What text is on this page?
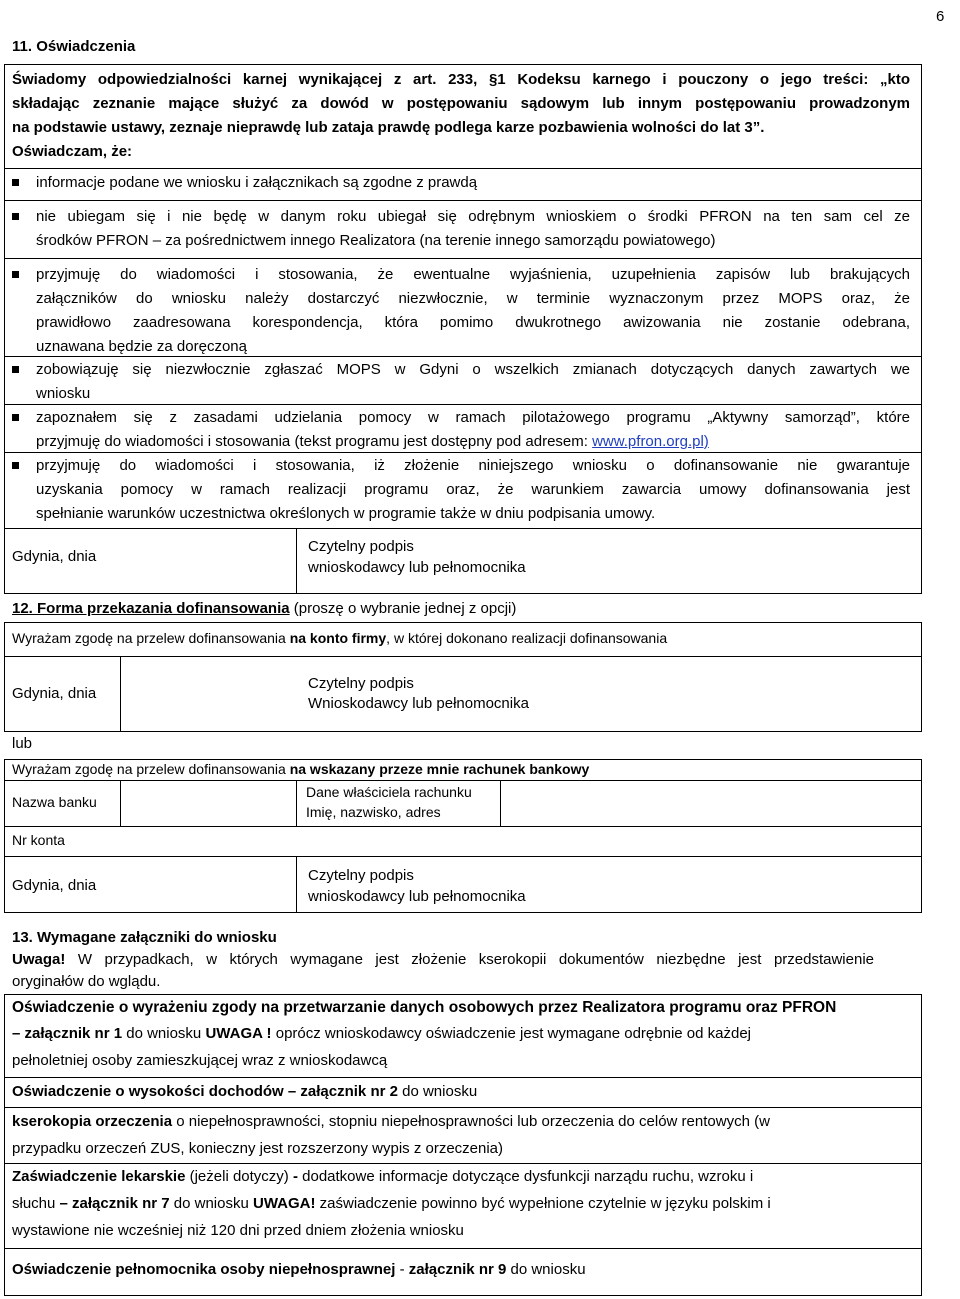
6
11. Oświadczenia
Świadomy odpowiedzialności karnej wynikającej z art. 233, §1 Kodeksu karnego i pouczony o jego treści: „kto
składając zeznanie mające służyć za dowód w postępowaniu sądowym lub innym postępowaniu prowadzonym
na podstawie ustawy, zeznaje nieprawdę lub zataja prawdę podlega karze pozbawienia wolności do lat 3”.
Oświadczam, że:
informacje podane we wniosku i załącznikach są zgodne z prawdą
nie ubiegam się i nie będę w danym roku ubiegał się odrębnym wnioskiem o środki PFRON na ten sam cel ze
środków PFRON – za pośrednictwem innego Realizatora (na terenie innego samorządu powiatowego)
przyjmuję do wiadomości i stosowania, że ewentualne wyjaśnienia, uzupełnienia zapisów lub brakujących
załączników do wniosku należy dostarczyć niezwłocznie, w terminie wyznaczonym przez MOPS oraz, że
prawidłowo zaadresowana korespondencja, która pomimo dwukrotnego awizowania nie zostanie odebrana,
uznawana będzie za doręczoną
zobowiązuję się niezwłocznie zgłaszać MOPS w Gdyni o wszelkich zmianach dotyczących danych zawartych we
wniosku
zapoznałem się z zasadami udzielania pomocy w ramach pilotażowego programu „Aktywny samorząd”, które
przyjmuję do wiadomości i stosowania (tekst programu jest dostępny pod adresem: www.pfron.org.pl)
przyjmuję do wiadomości i stosowania, iż złożenie niniejszego wniosku o dofinansowanie nie gwarantuje
uzyskania pomocy w ramach realizacji programu oraz, że warunkiem zawarcia umowy dofinansowania jest
spełnianie warunków uczestnictwa określonych w programie także w dniu podpisania umowy.
Gdynia, dnia
Czytelny podpis
wnioskodawcy lub pełnomocnika
12. Forma przekazania dofinansowania (proszę o wybranie jednej z opcji)
Wyrażam zgodę na przelew dofinansowania na konto firmy, w której dokonano realizacji dofinansowania
Gdynia, dnia
Czytelny podpis
Wnioskodawcy lub pełnomocnika
lub
Wyrażam zgodę na przelew dofinansowania na wskazany przeze mnie rachunek bankowy
Nazwa banku
Dane właściciela rachunku
Imię, nazwisko, adres
Nr konta
Gdynia, dnia
Czytelny podpis
wnioskodawcy lub pełnomocnika
13. Wymagane załączniki do wniosku
Uwaga! W przypadkach, w których wymagane jest złożenie kserokopii dokumentów niezbędne jest przedstawienie
oryginałów do wglądu.
Oświadczenie o wyrażeniu zgody na przetwarzanie danych osobowych przez Realizatora programu oraz PFRON
– załącznik nr 1 do wniosku UWAGA ! oprócz wnioskodawcy oświadczenie jest wymagane odrębnie od każdej
pełnoletniej osoby zamieszkującej wraz z wnioskodawcą
Oświadczenie o wysokości dochodów – załącznik nr 2 do wniosku
kserokopia orzeczenia o niepełnosprawności, stopniu niepełnosprawności lub orzeczenia do celów rentowych (w
przypadku orzeczeń ZUS, konieczny jest rozszerzony wypis z orzeczenia)
Zaświadczenie lekarskie (jeżeli dotyczy) - dodatkowe informacje dotyczące dysfunkcji narządu ruchu, wzroku i
słuchu – załącznik nr 7 do wniosku UWAGA! zaświadczenie powinno być wypełnione czytelnie w języku polskim i
wystawione nie wcześniej niż 120 dni przed dniem złożenia wniosku
Oświadczenie pełnomocnika osoby niepełnosprawnej - załącznik nr 9 do wniosku
